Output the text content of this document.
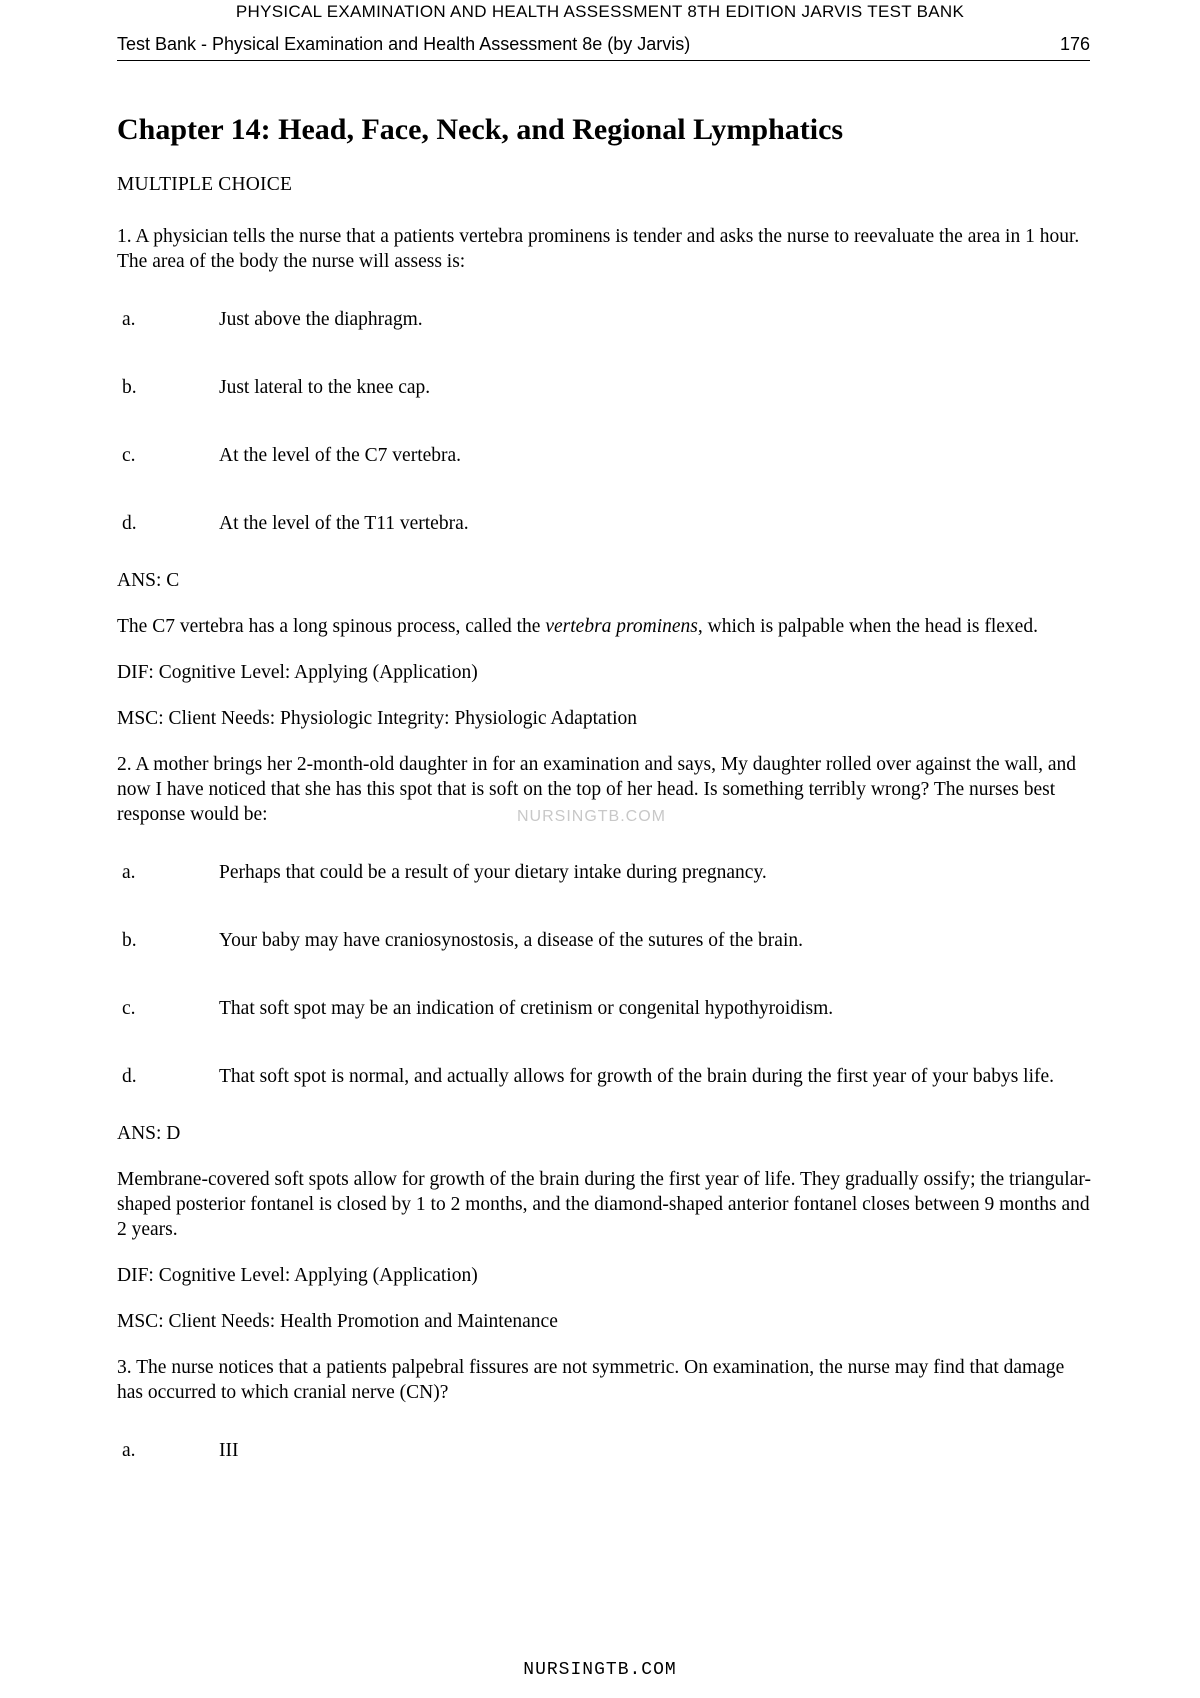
PHYSICAL EXAMINATION AND HEALTH ASSESSMENT 8TH EDITION JARVIS TEST BANK
Test Bank - Physical Examination and Health Assessment 8e (by Jarvis)	176
Chapter 14: Head, Face, Neck, and Regional Lymphatics
MULTIPLE CHOICE
1. A physician tells the nurse that a patients vertebra prominens is tender and asks the nurse to reevaluate the area in 1 hour. The area of the body the nurse will assess is:
a.	Just above the diaphragm.
b.	Just lateral to the knee cap.
c.	At the level of the C7 vertebra.
d.	At the level of the T11 vertebra.
ANS: C
The C7 vertebra has a long spinous process, called the vertebra prominens, which is palpable when the head is flexed.
DIF: Cognitive Level: Applying (Application)
MSC: Client Needs: Physiologic Integrity: Physiologic Adaptation
2. A mother brings her 2-month-old daughter in for an examination and says, My daughter rolled over against the wall, and now I have noticed that she has this spot that is soft on the top of her head. Is something terribly wrong? The nurses best response would be:
a.	Perhaps that could be a result of your dietary intake during pregnancy.
b.	Your baby may have craniosynostosis, a disease of the sutures of the brain.
c.	That soft spot may be an indication of cretinism or congenital hypothyroidism.
d.	That soft spot is normal, and actually allows for growth of the brain during the first year of your babys life.
ANS: D
Membrane-covered soft spots allow for growth of the brain during the first year of life. They gradually ossify; the triangular-shaped posterior fontanel is closed by 1 to 2 months, and the diamond-shaped anterior fontanel closes between 9 months and 2 years.
DIF: Cognitive Level: Applying (Application)
MSC: Client Needs: Health Promotion and Maintenance
3. The nurse notices that a patients palpebral fissures are not symmetric. On examination, the nurse may find that damage has occurred to which cranial nerve (CN)?
a.	III
NURSINGTB.COM
NURSINGTB.COM
